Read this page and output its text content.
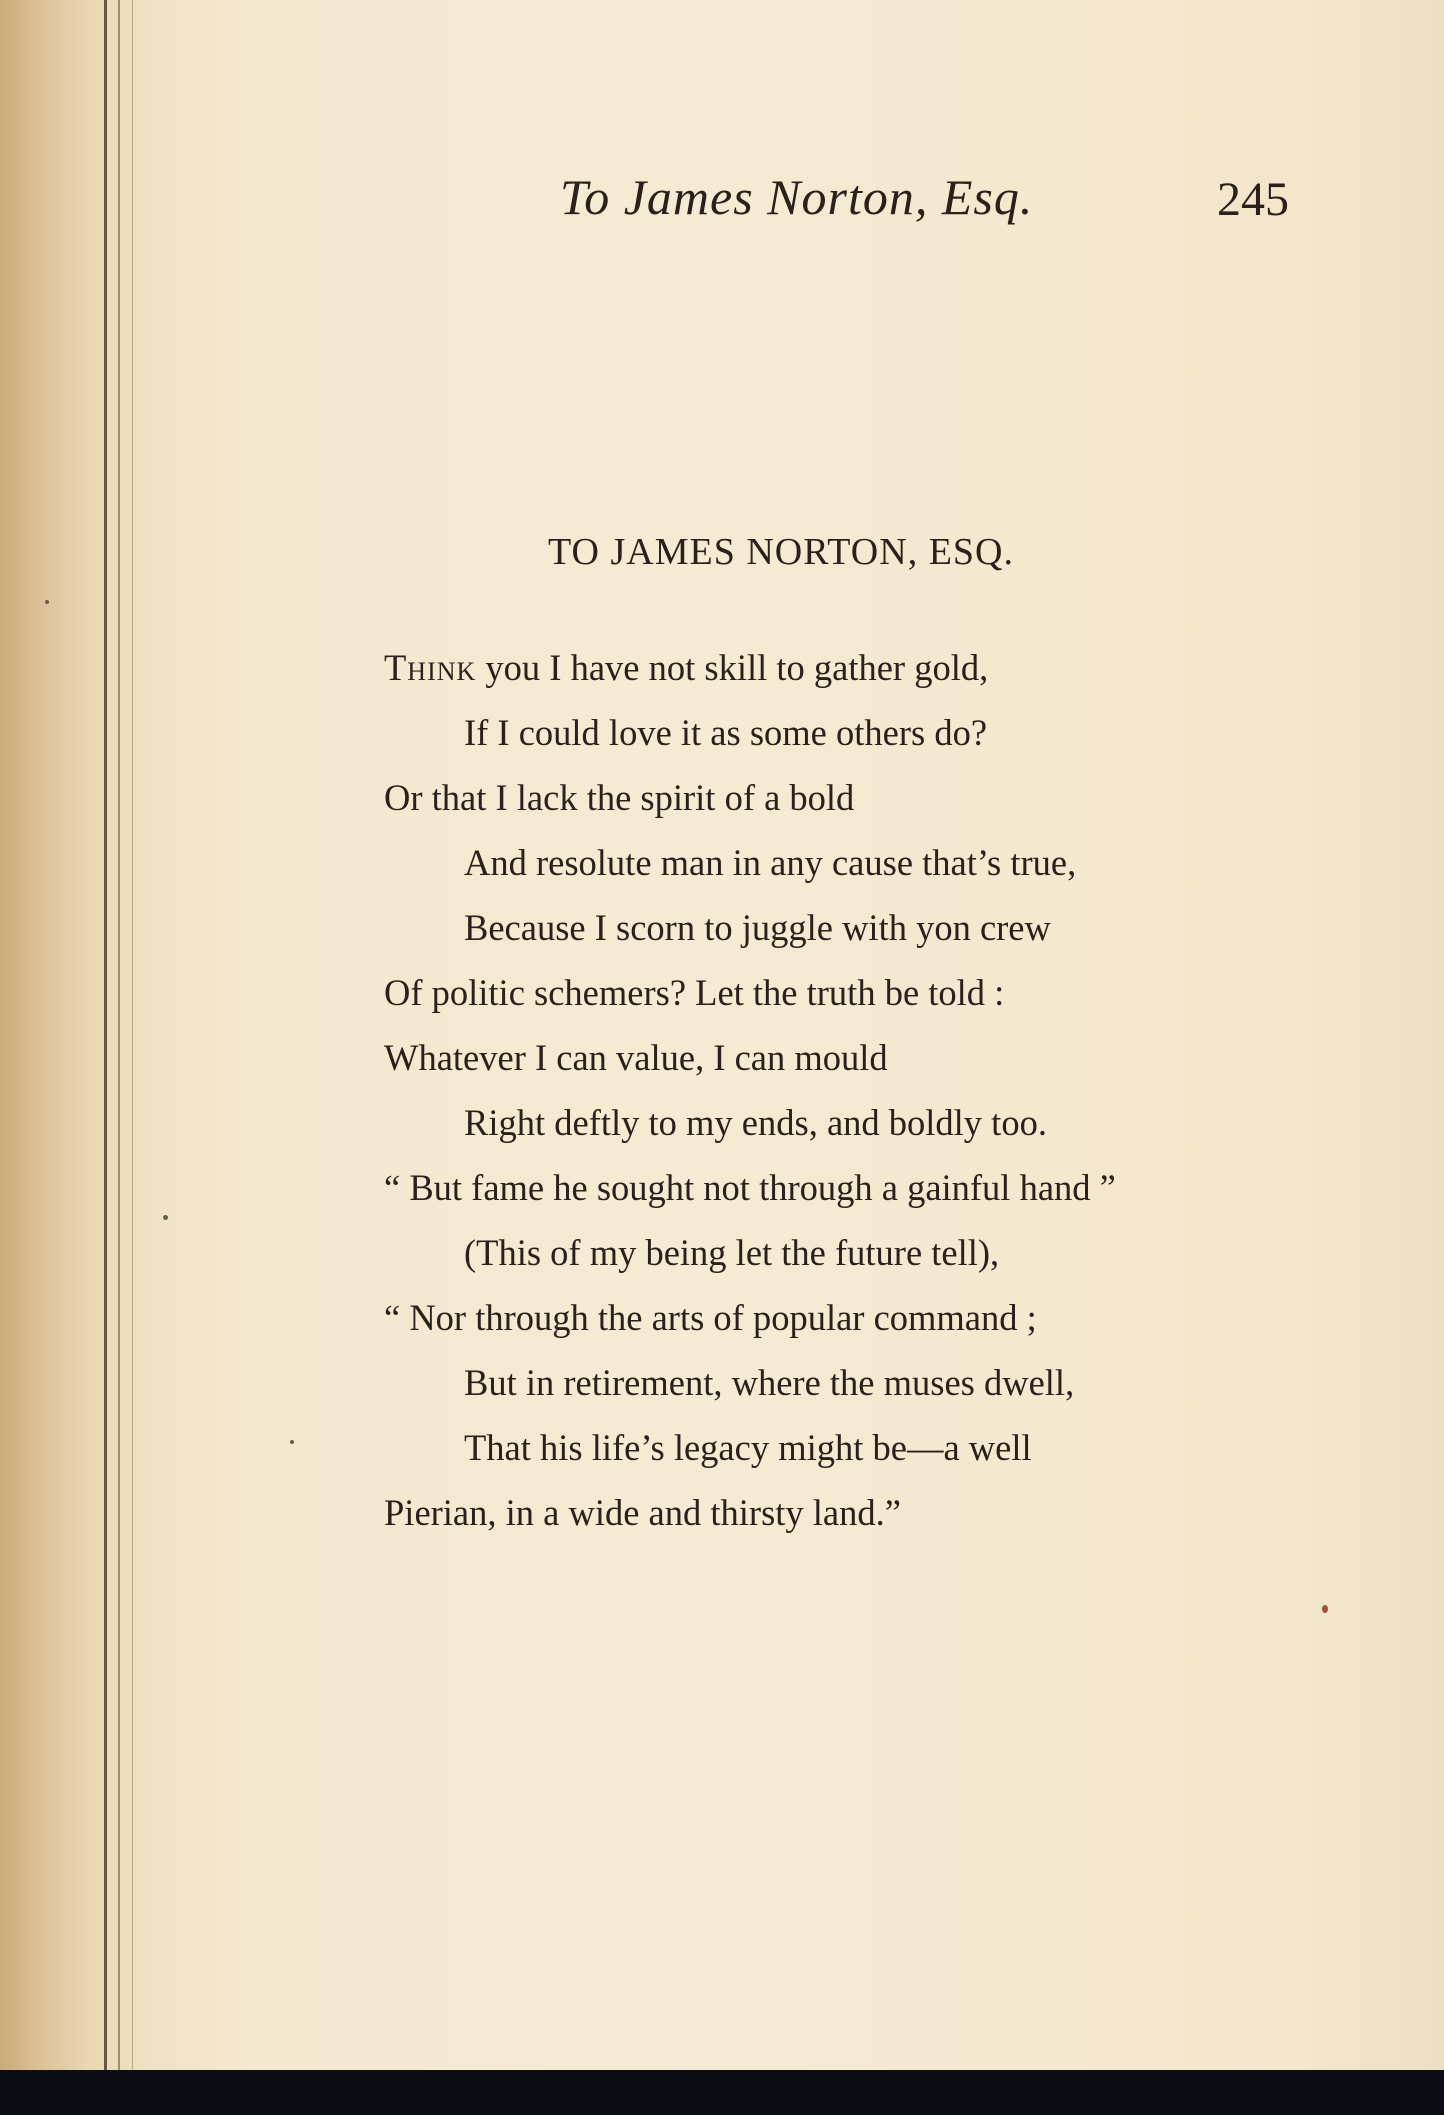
To James Norton, Esq.	245
TO JAMES NORTON, ESQ.
Think you I have not skill to gather gold,
If I could love it as some others do?
Or that I lack the spirit of a bold
And resolute man in any cause that’s true,
Because I scorn to juggle with yon crew
Of politic schemers? Let the truth be told :
Whatever I can value, I can mould
Right deftly to my ends, and boldly too.
“ But fame he sought not through a gainful hand ”
(This of my being let the future tell),
“ Nor through the arts of popular command ;
But in retirement, where the muses dwell,
That his life’s legacy might be—a well
Pierian, in a wide and thirsty land.”
